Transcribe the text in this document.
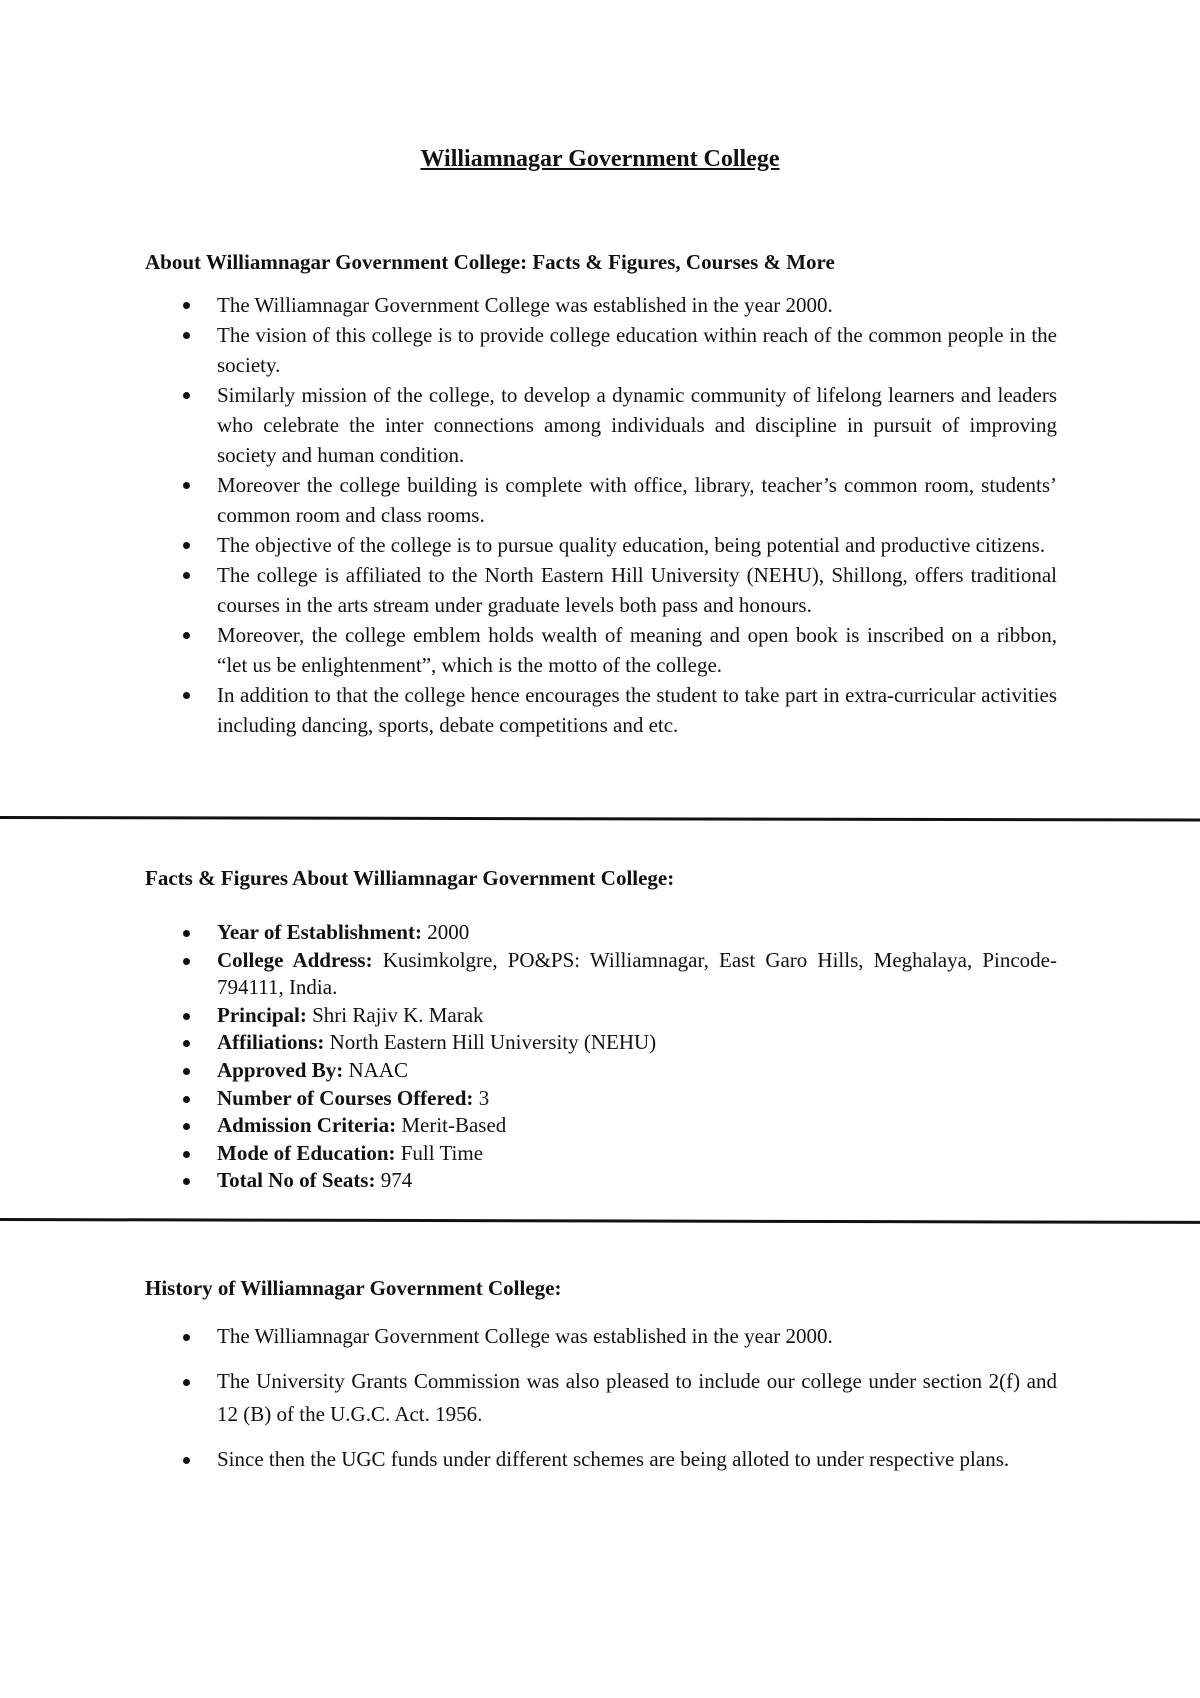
Williamnagar Government College
About Williamnagar Government College: Facts & Figures, Courses & More
The Williamnagar Government College was established in the year 2000.
The vision of this college is to provide college education within reach of the common people in the society.
Similarly mission of the college, to develop a dynamic community of lifelong learners and leaders who celebrate the inter connections among individuals and discipline in pursuit of improving society and human condition.
Moreover the college building is complete with office, library, teacher’s common room, students’ common room and class rooms.
The objective of the college is to pursue quality education, being potential and productive citizens.
The college is affiliated to the North Eastern Hill University (NEHU), Shillong, offers traditional courses in the arts stream under graduate levels both pass and honours.
Moreover, the college emblem holds wealth of meaning and open book is inscribed on a ribbon, “let us be enlightenment”, which is the motto of the college.
In addition to that the college hence encourages the student to take part in extra-curricular activities including dancing, sports, debate competitions and etc.
Facts & Figures About Williamnagar Government College:
Year of Establishment: 2000
College Address: Kusimkolgre, PO&PS: Williamnagar, East Garo Hills, Meghalaya, Pincode-794111, India.
Principal: Shri Rajiv K. Marak
Affiliations: North Eastern Hill University (NEHU)
Approved By: NAAC
Number of Courses Offered: 3
Admission Criteria: Merit-Based
Mode of Education: Full Time
Total No of Seats: 974
History of Williamnagar Government College:
The Williamnagar Government College was established in the year 2000.
The University Grants Commission was also pleased to include our college under section 2(f) and 12 (B) of the U.G.C. Act. 1956.
Since then the UGC funds under different schemes are being alloted to under respective plans.
